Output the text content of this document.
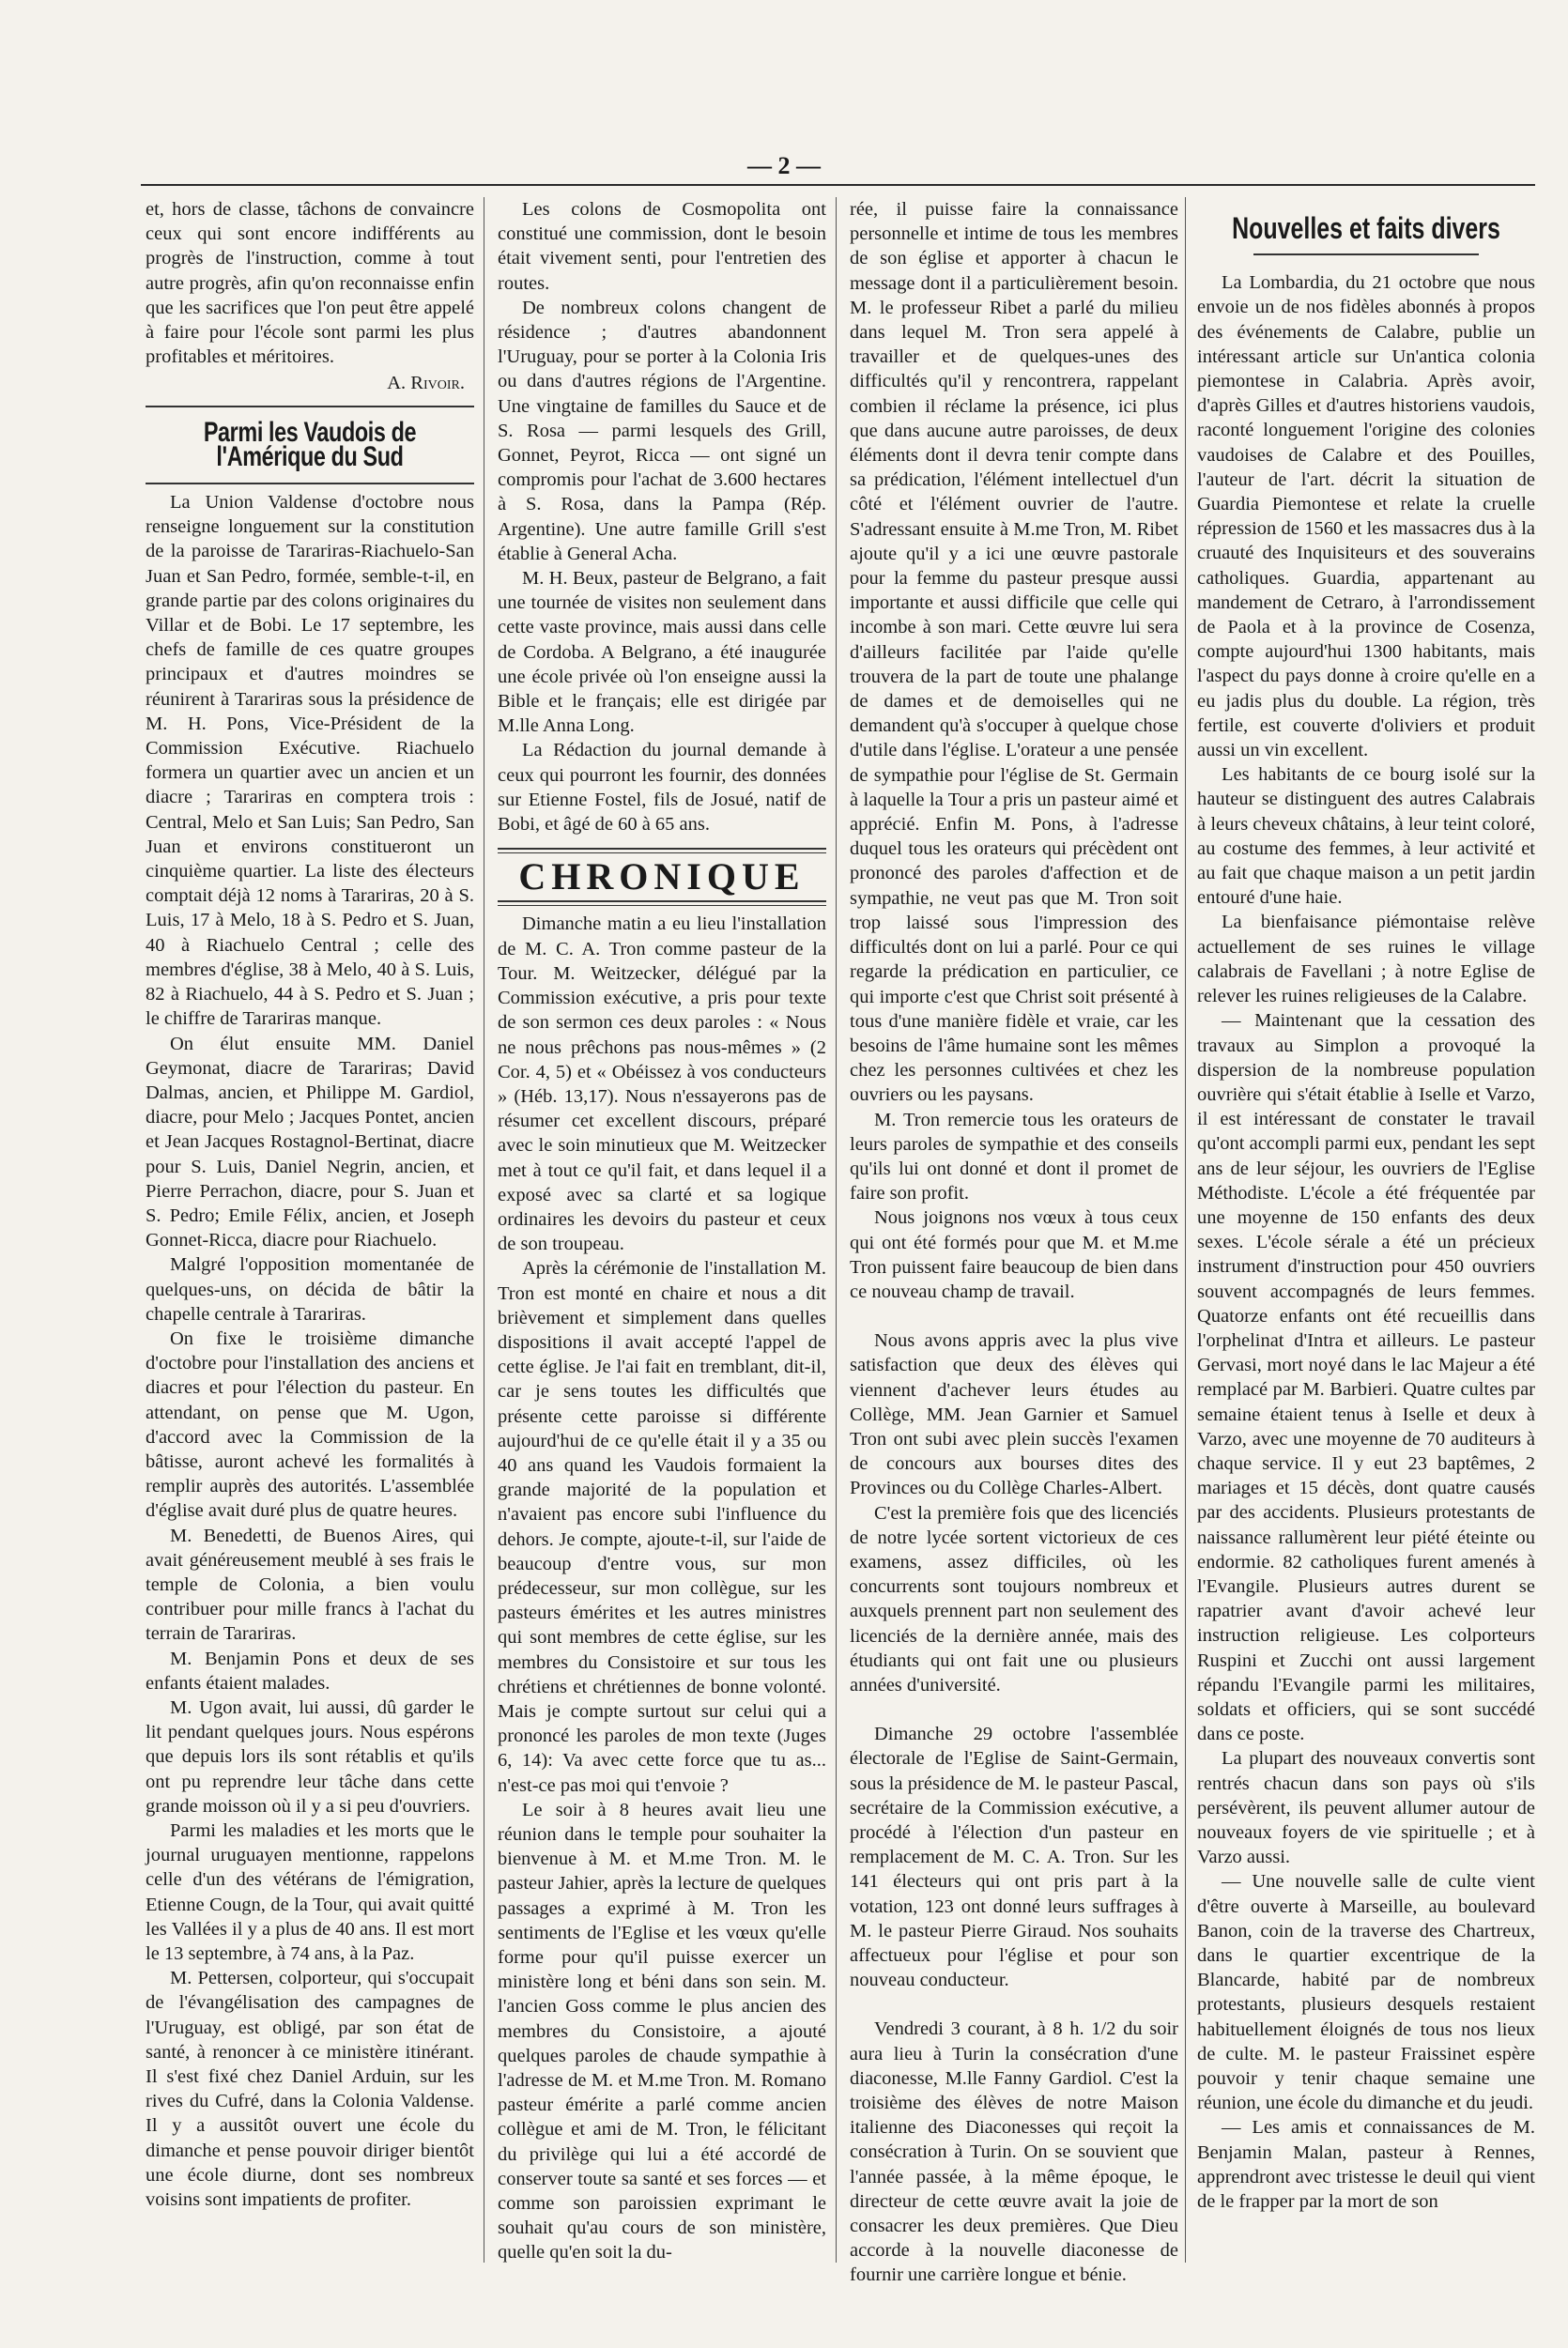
— 2 —

et, hors de classe, tâchons de convaincre ceux qui sont encore indifférents au progrès de l'instruction, comme à tout autre progrès, afin qu'on reconnaisse enfin que les sacrifices que l'on peut être appelé à faire pour l'école sont parmi les plus profitables et méritoires.

A. Rivoir.
Parmi les Vaudois de l'Amérique du Sud

La Union Valdense d'octobre nous renseigne longuement sur la constitution de la paroisse de Tarariras-Riachuelo-San Juan et San Pedro, formée, semble-t-il, en grande partie par des colons originaires du Villar et de Bobi. Le 17 septembre, les chefs de famille de ces quatre groupes principaux et d'autres moindres se réunirent à Tarariras sous la présidence de M. H. Pons, Vice-Président de la Commission Exécutive. Riachuelo formera un quartier avec un ancien et un diacre ; Tarariras en comptera trois : Central, Melo et San Luis; San Pedro, San Juan et environs constitueront un cinquième quartier. La liste des électeurs comptait déjà 12 noms à Tarariras, 20 à S. Luis, 17 à Melo, 18 à S. Pedro et S. Juan, 40 à Riachuelo Central ; celle des membres d'église, 38 à Melo, 40 à S. Luis, 82 à Riachuelo, 44 à S. Pedro et S. Juan ; le chiffre de Tarariras manque.

On élut ensuite MM. Daniel Geymonat, diacre de Tarariras; David Dalmas, ancien, et Philippe M. Gardiol, diacre, pour Melo ; Jacques Pontet, ancien et Jean Jacques Rostagnol-Bertinat, diacre pour S. Luis, Daniel Negrin, ancien, et Pierre Perrachon, diacre, pour S. Juan et S. Pedro; Emile Félix, ancien, et Joseph Gonnet-Ricca, diacre pour Riachuelo.

Malgré l'opposition momentanée de quelques-uns, on décida de bâtir la chapelle centrale à Tarariras.

On fixe le troisième dimanche d'octobre pour l'installation des anciens et diacres et pour l'élection du pasteur. En attendant, on pense que M. Ugon, d'accord avec la Commission de la bâtisse, auront achevé les formalités à remplir auprès des autorités. L'assemblée d'église avait duré plus de quatre heures.

M. Benedetti, de Buenos Aires, qui avait généreusement meublé à ses frais le temple de Colonia, a bien voulu contribuer pour mille francs à l'achat du terrain de Tarariras.

M. Benjamin Pons et deux de ses enfants étaient malades.

M. Ugon avait, lui aussi, dû garder le lit pendant quelques jours. Nous espérons que depuis lors ils sont rétablis et qu'ils ont pu reprendre leur tâche dans cette grande moisson où il y a si peu d'ouvriers.

Parmi les maladies et les morts que le journal uruguayen mentionne, rappelons celle d'un des vétérans de l'émigration, Etienne Cougn, de la Tour, qui avait quitté les Vallées il y a plus de 40 ans. Il est mort le 13 septembre, à 74 ans, à la Paz.

M. Pettersen, colporteur, qui s'occupait de l'évangélisation des campagnes de l'Uruguay, est obligé, par son état de santé, à renoncer à ce ministère itinérant. Il s'est fixé chez Daniel Arduin, sur les rives du Cufré, dans la Colonia Valdense. Il y a aussitôt ouvert une école du dimanche et pense pouvoir diriger bientôt une école diurne, dont ses nombreux voisins sont impatients de profiter.

Les colons de Cosmopolita ont constitué une commission, dont le besoin était vivement senti, pour l'entretien des routes.

De nombreux colons changent de résidence ; d'autres abandonnent l'Uruguay, pour se porter à la Colonia Iris ou dans d'autres régions de l'Argentine. Une vingtaine de familles du Sauce et de S. Rosa — parmi lesquels des Grill, Gonnet, Peyrot, Ricca — ont signé un compromis pour l'achat de 3.600 hectares à S. Rosa, dans la Pampa (Rép. Argentine). Une autre famille Grill s'est établie à General Acha.

M. H. Beux, pasteur de Belgrano, a fait une tournée de visites non seulement dans cette vaste province, mais aussi dans celle de Cordoba. A Belgrano, a été inaugurée une école privée où l'on enseigne aussi la Bible et le français; elle est dirigée par M.lle Anna Long.

La Rédaction du journal demande à ceux qui pourront les fournir, des données sur Etienne Fostel, fils de Josué, natif de Bobi, et âgé de 60 à 65 ans.

CHRONIQUE

Dimanche matin a eu lieu l'installation de M. C. A. Tron comme pasteur de la Tour. M. Weitzecker, délégué par la Commission exécutive, a pris pour texte de son sermon ces deux paroles : « Nous ne nous prêchons pas nous-mêmes » (2 Cor. 4, 5) et « Obéissez à vos conducteurs » (Héb. 13,17). Nous n'essayerons pas de résumer cet excellent discours, préparé avec le soin minutieux que M. Weitzecker met à tout ce qu'il fait, et dans lequel il a exposé avec sa clarté et sa logique ordinaires les devoirs du pasteur et ceux de son troupeau.

Après la cérémonie de l'installation M. Tron est monté en chaire et nous a dit brièvement et simplement dans quelles dispositions il avait accepté l'appel de cette église. Je l'ai fait en tremblant, dit-il, car je sens toutes les difficultés que présente cette paroisse si différente aujourd'hui de ce qu'elle était il y a 35 ou 40 ans quand les Vaudois formaient la grande majorité de la population et n'avaient pas encore subi l'influence du dehors. Je compte, ajoute-t-il, sur l'aide de beaucoup d'entre vous, sur mon prédecesseur, sur mon collègue, sur les pasteurs émérites et les autres ministres qui sont membres de cette église, sur les membres du Consistoire et sur tous les chrétiens et chrétiennes de bonne volonté. Mais je compte surtout sur celui qui a prononcé les paroles de mon texte (Juges 6, 14): Va avec cette force que tu as... n'est-ce pas moi qui t'envoie ?

Le soir à 8 heures avait lieu une réunion dans le temple pour souhaiter la bienvenue à M. et M.me Tron. M. le pasteur Jahier, après la lecture de quelques passages a exprimé à M. Tron les sentiments de l'Eglise et les vœux qu'elle forme pour qu'il puisse exercer un ministère long et béni dans son sein. M. l'ancien Goss comme le plus ancien des membres du Consistoire, a ajouté quelques paroles de chaude sympathie à l'adresse de M. et M.me Tron. M. Romano pasteur émérite a parlé comme ancien collègue et ami de M. Tron, le félicitant du privilège qui lui a été accordé de conserver toute sa santé et ses forces — et comme son paroissien exprimant le souhait qu'au cours de son ministère, quelle qu'en soit la du-

rée, il puisse faire la connaissance personnelle et intime de tous les membres de son église et apporter à chacun le message dont il a particulièrement besoin. M. le professeur Ribet a parlé du milieu dans lequel M. Tron sera appelé à travailler et de quelques-unes des difficultés qu'il y rencontrera, rappelant combien il réclame la présence, ici plus que dans aucune autre paroisses, de deux éléments dont il devra tenir compte dans sa prédication, l'élément intellectuel d'un côté et l'élément ouvrier de l'autre. S'adressant ensuite à M.me Tron, M. Ribet ajoute qu'il y a ici une œuvre pastorale pour la femme du pasteur presque aussi importante et aussi difficile que celle qui incombe à son mari. Cette œuvre lui sera d'ailleurs facilitée par l'aide qu'elle trouvera de la part de toute une phalange de dames et de demoiselles qui ne demandent qu'à s'occuper à quelque chose d'utile dans l'église. L'orateur a une pensée de sympathie pour l'église de St. Germain à laquelle la Tour a pris un pasteur aimé et apprécié. Enfin M. Pons, à l'adresse duquel tous les orateurs qui précèdent ont prononcé des paroles d'affection et de sympathie, ne veut pas que M. Tron soit trop laissé sous l'impression des difficultés dont on lui a parlé. Pour ce qui regarde la prédication en particulier, ce qui importe c'est que Christ soit présenté à tous d'une manière fidèle et vraie, car les besoins de l'âme humaine sont les mêmes chez les personnes cultivées et chez les ouvriers ou les paysans.

M. Tron remercie tous les orateurs de leurs paroles de sympathie et des conseils qu'ils lui ont donné et dont il promet de faire son profit.

Nous joignons nos vœux à tous ceux qui ont été formés pour que M. et M.me Tron puissent faire beaucoup de bien dans ce nouveau champ de travail.

Nous avons appris avec la plus vive satisfaction que deux des élèves qui viennent d'achever leurs études au Collège, MM. Jean Garnier et Samuel Tron ont subi avec plein succès l'examen de concours aux bourses dites des Provinces ou du Collège Charles-Albert.

C'est la première fois que des licenciés de notre lycée sortent victorieux de ces examens, assez difficiles, où les concurrents sont toujours nombreux et auxquels prennent part non seulement des licenciés de la dernière année, mais des étudiants qui ont fait une ou plusieurs années d'université.

Dimanche 29 octobre l'assemblée électorale de l'Eglise de Saint-Germain, sous la présidence de M. le pasteur Pascal, secrétaire de la Commission exécutive, a procédé à l'élection d'un pasteur en remplacement de M. C. A. Tron. Sur les 141 électeurs qui ont pris part à la votation, 123 ont donné leurs suffrages à M. le pasteur Pierre Giraud. Nos souhaits affectueux pour l'église et pour son nouveau conducteur.

Vendredi 3 courant, à 8 h. 1/2 du soir aura lieu à Turin la consécration d'une diaconesse, M.lle Fanny Gardiol. C'est la troisième des élèves de notre Maison italienne des Diaconesses qui reçoit la consécration à Turin. On se souvient que l'année passée, à la même époque, le directeur de cette œuvre avait la joie de consacrer les deux premières. Que Dieu accorde à la nouvelle diaconesse de fournir une carrière longue et bénie.

Nouvelles et faits divers

La Lombardia, du 21 octobre que nous envoie un de nos fidèles abonnés à propos des événements de Calabre, publie un intéressant article sur Un'antica colonia piemontese in Calabria. Après avoir, d'après Gilles et d'autres historiens vaudois, raconté longuement l'origine des colonies vaudoises de Calabre et des Pouilles, l'auteur de l'art. décrit la situation de Guardia Piemontese et relate la cruelle répression de 1560 et les massacres dus à la cruauté des Inquisiteurs et des souverains catholiques. Guardia, appartenant au mandement de Cetraro, à l'arrondissement de Paola et à la province de Cosenza, compte aujourd'hui 1300 habitants, mais l'aspect du pays donne à croire qu'elle en a eu jadis plus du double. La région, très fertile, est couverte d'oliviers et produit aussi un vin excellent.

Les habitants de ce bourg isolé sur la hauteur se distinguent des autres Calabrais à leurs cheveux châtains, à leur teint coloré, au costume des femmes, à leur activité et au fait que chaque maison a un petit jardin entouré d'une haie.

La bienfaisance piémontaise relève actuellement de ses ruines le village calabrais de Favellani ; à notre Eglise de relever les ruines religieuses de la Calabre.

— Maintenant que la cessation des travaux au Simplon a provoqué la dispersion de la nombreuse population ouvrière qui s'était établie à Iselle et Varzo, il est intéressant de constater le travail qu'ont accompli parmi eux, pendant les sept ans de leur séjour, les ouvriers de l'Eglise Méthodiste. L'école a été fréquentée par une moyenne de 150 enfants des deux sexes. L'école sérale a été un précieux instrument d'instruction pour 450 ouvriers souvent accompagnés de leurs femmes. Quatorze enfants ont été recueillis dans l'orphelinat d'Intra et ailleurs. Le pasteur Gervasi, mort noyé dans le lac Majeur a été remplacé par M. Barbieri. Quatre cultes par semaine étaient tenus à Iselle et deux à Varzo, avec une moyenne de 70 auditeurs à chaque service. Il y eut 23 baptêmes, 2 mariages et 15 décès, dont quatre causés par des accidents. Plusieurs protestants de naissance rallumèrent leur piété éteinte ou endormie. 82 catholiques furent amenés à l'Evangile. Plusieurs autres durent se rapatrier avant d'avoir achevé leur instruction religieuse. Les colporteurs Ruspini et Zucchi ont aussi largement répandu l'Evangile parmi les militaires, soldats et officiers, qui se sont succédé dans ce poste.

La plupart des nouveaux convertis sont rentrés chacun dans son pays où s'ils persévèrent, ils peuvent allumer autour de nouveaux foyers de vie spirituelle ; et à Varzo aussi.

— Une nouvelle salle de culte vient d'être ouverte à Marseille, au boulevard Banon, coin de la traverse des Chartreux, dans le quartier excentrique de la Blancarde, habité par de nombreux protestants, plusieurs desquels restaient habituellement éloignés de tous nos lieux de culte. M. le pasteur Fraissinet espère pouvoir y tenir chaque semaine une réunion, une école du dimanche et du jeudi.

— Les amis et connaissances de M. Benjamin Malan, pasteur à Rennes, apprendront avec tristesse le deuil qui vient de le frapper par la mort de son
